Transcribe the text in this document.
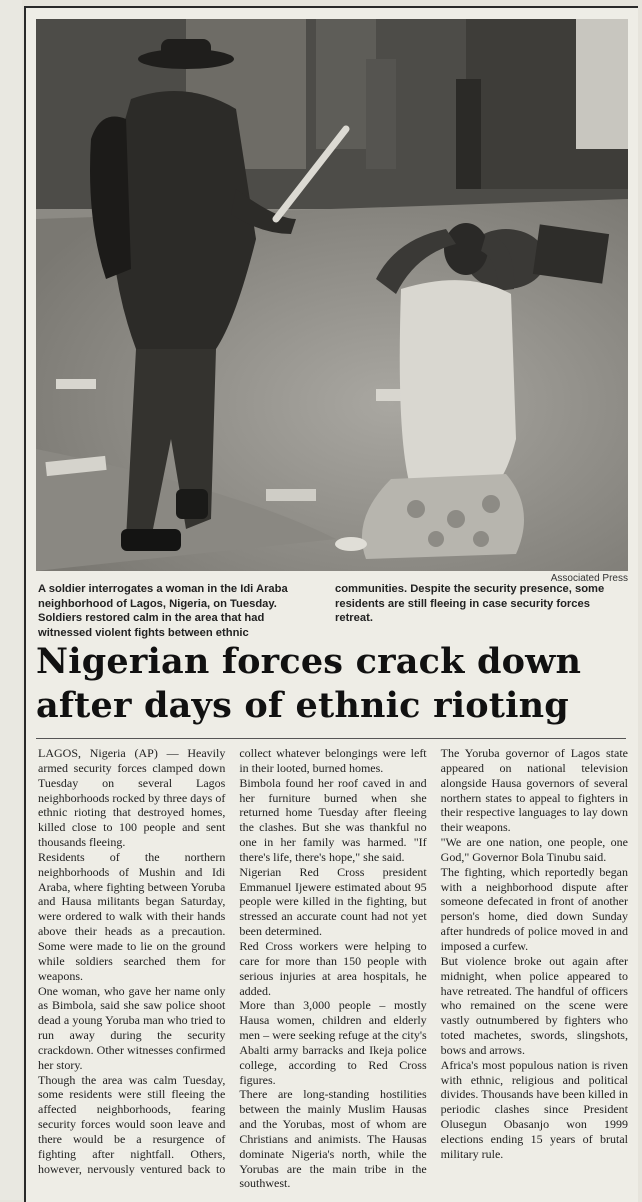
Associated Press
A soldier interrogates a woman in the Idi Araba neighborhood of Lagos, Nigeria, on Tuesday. Soldiers restored calm in the area that had witnessed violent fights between ethnic communities. Despite the security presence, some residents are still fleeing in case security forces retreat.
Nigerian forces crack down
after days of ethnic rioting

LAGOS, Nigeria (AP) — Heavily armed security forces clamped down Tuesday on several Lagos neighborhoods rocked by three days of ethnic rioting that destroyed homes, killed close to 100 people and sent thousands fleeing.

Residents of the northern neighborhoods of Mushin and Idi Araba, where fighting between Yoruba and Hausa militants began Saturday, were ordered to walk with their hands above their heads as a precaution. Some were made to lie on the ground while soldiers searched them for weapons.

One woman, who gave her name only as Bimbola, said she saw police shoot dead a young Yoruba man who tried to run away during the security crackdown. Other witnesses confirmed her story.

Though the area was calm Tuesday, some residents were still fleeing the affected neighborhoods, fearing security forces would soon leave and there would be a resurgence of fighting after nightfall. Others, however, nervously ventured back to collect whatever belongings were left in their looted, burned homes.

Bimbola found her roof caved in and her furniture burned when she returned home Tuesday after fleeing the clashes. But she was thankful no one in her family was harmed. "If there's life, there's hope," she said.

Nigerian Red Cross president Emmanuel Ijewere estimated about 95 people were killed in the fighting, but stressed an accurate count had not yet been determined.

Red Cross workers were helping to care for more than 150 people with serious injuries at area hospitals, he added.

More than 3,000 people – mostly Hausa women, children and elderly men – were seeking refuge at the city's Abalti army barracks and Ikeja police college, according to Red Cross figures.

There are long-standing hostilities between the mainly Muslim Hausas and the Yorubas, most of whom are Christians and animists. The Hausas dominate Nigeria's north, while the Yorubas are the main tribe in the southwest.

The Yoruba governor of Lagos state appeared on national television alongside Hausa governors of several northern states to appeal to fighters in their respective languages to lay down their weapons.

"We are one nation, one people, one God," Governor Bola Tinubu said.

The fighting, which reportedly began with a neighborhood dispute after someone defecated in front of another person's home, died down Sunday after hundreds of police moved in and imposed a curfew.

But violence broke out again after midnight, when police appeared to have retreated. The handful of officers who remained on the scene were vastly outnumbered by fighters who toted machetes, swords, slingshots, bows and arrows.

Africa's most populous nation is riven with ethnic, religious and political divides. Thousands have been killed in periodic clashes since President Olusegun Obasanjo won 1999 elections ending 15 years of brutal military rule.
